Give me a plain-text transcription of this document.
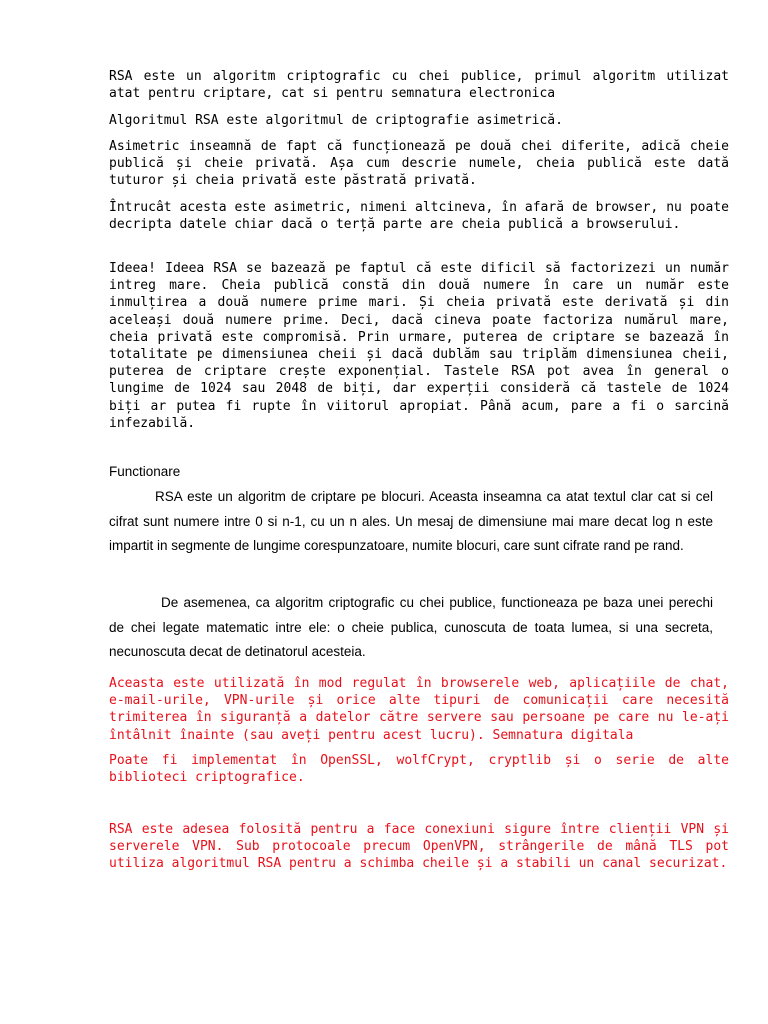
RSA este un algoritm criptografic cu chei publice, primul algoritm utilizat atat pentru criptare, cat si pentru semnatura electronica

Algoritmul RSA este algoritmul de criptografie asimetrică.

Asimetric inseamnă de fapt că funcționează pe două chei diferite, adică cheie publică și cheie privată. Așa cum descrie numele, cheia publică este dată tuturor și cheia privată este păstrată privată.

Întrucât acesta este asimetric, nimeni altcineva, în afară de browser, nu poate decripta datele chiar dacă o terță parte are cheia publică a browserului.

Ideea! Ideea RSA se bazează pe faptul că este dificil să factorizezi un număr intreg mare. Cheia publică constă din două numere în care un număr este inmulțirea a două numere prime mari. Și cheia privată este derivată și din aceleași două numere prime. Deci, dacă cineva poate factoriza numărul mare, cheia privată este compromisă. Prin urmare, puterea de criptare se bazează în totalitate pe dimensiunea cheii și dacă dublăm sau triplăm dimensiunea cheii, puterea de criptare crește exponențial. Tastele RSA pot avea în general o lungime de 1024 sau 2048 de biți, dar experții consideră că tastele de 1024 biți ar putea fi rupte în viitorul apropiat. Până acum, pare a fi o sarcină infezabilă.

Functionare

RSA este un algoritm de criptare pe blocuri. Aceasta inseamna ca atat textul clar cat si cel cifrat sunt numere intre 0 si n-1, cu un n ales. Un mesaj de dimensiune mai mare decat log n este impartit in segmente de lungime corespunzatoare, numite blocuri, care sunt cifrate rand pe rand.

De asemenea, ca algoritm criptografic cu chei publice, functioneaza pe baza unei perechi de chei legate matematic intre ele: o cheie publica, cunoscuta de toata lumea, si una secreta, necunoscuta decat de detinatorul acesteia.

Aceasta este utilizată în mod regulat în browserele web, aplicațiile de chat, e-mail-urile, VPN-urile și orice alte tipuri de comunicații care necesită trimiterea în siguranță a datelor către servere sau persoane pe care nu le-ați întâlnit înainte (sau aveți pentru acest lucru). Semnatura digitala

Poate fi implementat în OpenSSL, wolfCrypt, cryptlib și o serie de alte biblioteci criptografice.

RSA este adesea folosită pentru a face conexiuni sigure între clienții VPN și serverele VPN. Sub protocoale precum OpenVPN, strângerile de mână TLS pot utiliza algoritmul RSA pentru a schimba cheile și a stabili un canal securizat.
